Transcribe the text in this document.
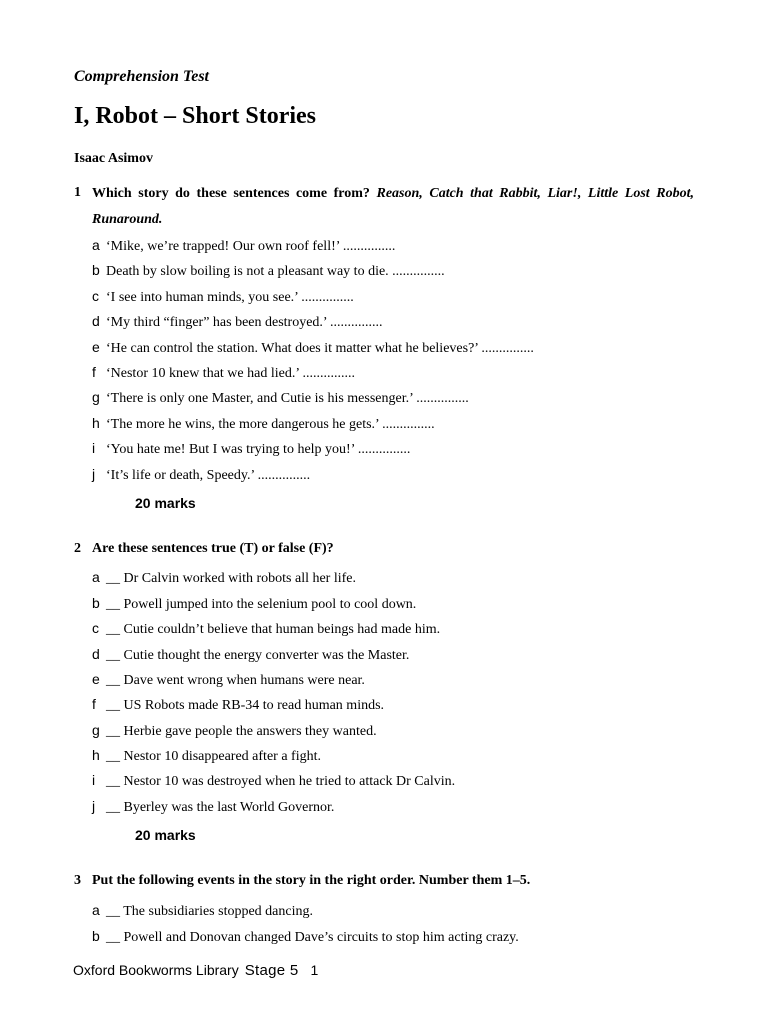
Comprehension Test
I, Robot – Short Stories
Isaac Asimov
1 Which story do these sentences come from? Reason, Catch that Rabbit, Liar!, Little Lost Robot, Runaround.
a ‘Mike, we’re trapped! Our own roof fell!’ ...............
b Death by slow boiling is not a pleasant way to die. ...............
c ‘I see into human minds, you see.’ ...............
d ‘My third “finger” has been destroyed.’ ...............
e ‘He can control the station. What does it matter what he believes?’ ...............
f ‘Nestor 10 knew that we had lied.’ ...............
g ‘There is only one Master, and Cutie is his messenger.’ ...............
h ‘The more he wins, the more dangerous he gets.’ ...............
i ‘You hate me! But I was trying to help you!’ ...............
j ‘It’s life or death, Speedy.’ ...............
20 marks
2 Are these sentences true (T) or false (F)?
a __ Dr Calvin worked with robots all her life.
b __ Powell jumped into the selenium pool to cool down.
c __ Cutie couldn’t believe that human beings had made him.
d __ Cutie thought the energy converter was the Master.
e __ Dave went wrong when humans were near.
f __ US Robots made RB-34 to read human minds.
g __ Herbie gave people the answers they wanted.
h __ Nestor 10 disappeared after a fight.
i __ Nestor 10 was destroyed when he tried to attack Dr Calvin.
j __ Byerley was the last World Governor.
20 marks
3 Put the following events in the story in the right order. Number them 1–5.
a __ The subsidiaries stopped dancing.
b __ Powell and Donovan changed Dave’s circuits to stop him acting crazy.
Oxford Bookworms Library Stage 5 1
